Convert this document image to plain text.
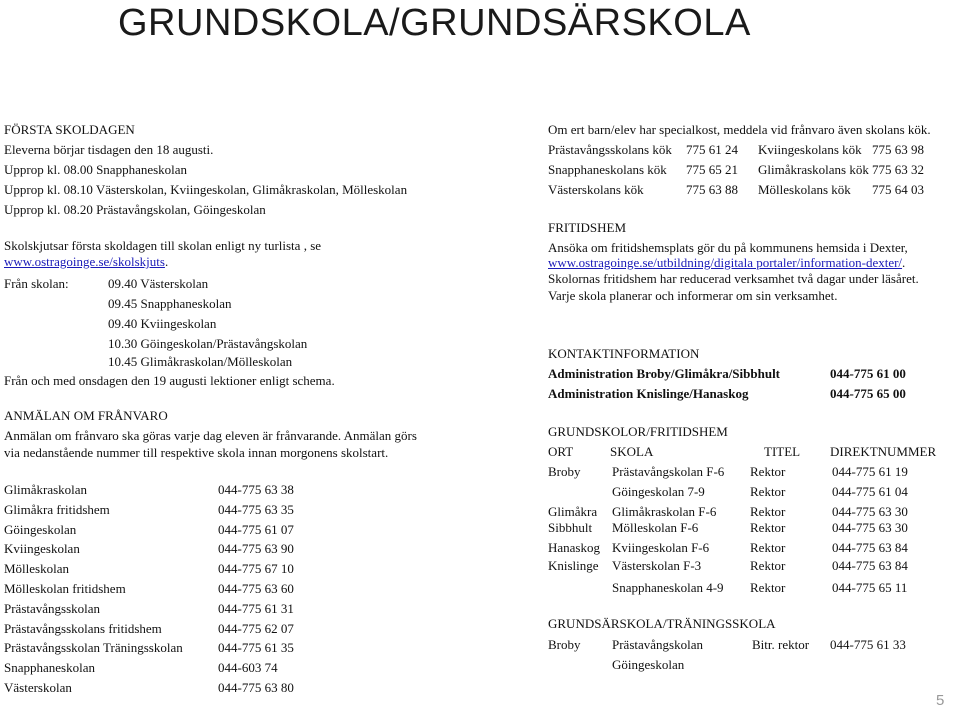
GRUNDSKOLA/GRUNDSÄRSKOLA
FÖRSTA SKOLDAGEN
Eleverna börjar tisdagen den 18 augusti.
Upprop kl. 08.00 Snapphaneskolan
Upprop kl. 08.10 Västerskolan, Kviingeskolan, Glimåkraskolan, Mölleskolan
Upprop kl. 08.20 Prästavångskolan, Göingeskolan
Skolskjutsar första skoldagen till skolan enligt ny turlista , se
www.ostragoinge.se/skolskjuts.
Från skolan:	09.40 Västerskolan
09.45 Snapphaneskolan
09.40 Kviingeskolan
10.30 Göingeskolan/Prästavångskolan
10.45 Glimåkraskolan/Mölleskolan
Från och med onsdagen den 19 augusti lektioner enligt schema.
ANMÄLAN OM FRÅNVARO
Anmälan om frånvaro ska göras varje dag eleven är frånvarande. Anmälan görs
via nedanstående nummer till respektive skola innan morgonens skolstart.
Glimåkraskolan	044-775 63 38
Glimåkra fritidshem	044-775 63 35
Göingeskolan	044-775 61 07
Kviingeskolan	044-775 63 90
Mölleskolan	044-775 67 10
Mölleskolan fritidshem	044-775 63 60
Prästavångsskolan	044-775 61 31
Prästavångsskolans fritidshem	044-775 62 07
Prästavångsskolan Träningsskolan	044-775 61 35
Snapphaneskolan	044-603 74
Västerskolan	044-775 63 80
Om ert barn/elev har specialkost, meddela vid frånvaro även skolans kök.
Prästavångsskolans kök 775 61 24 Kviingeskolans kök 775 63 98
Snapphaneskolans kök 775 65 21 Glimåkraskolans kök 775 63 32
Västerskolans kök	775 63 88 Mölleskolans kök 775 64 03
FRITIDSHEM
Ansöka om fritidshemsplats gör du på kommunens hemsida i Dexter,
www.ostragoinge.se/utbildning/digitala portaler/information-dexter/.
Skolornas fritidshem har reducerad verksamhet två dagar under läsåret.
Varje skola planerar och informerar om sin verksamhet.
KONTAKTINFORMATION
Administration Broby/Glimåkra/Sibbhult	044-775 61 00
Administration Knislinge/Hanaskog	044-775 65 00
GRUNDSKOLOR/FRITIDSHEM
ORT	SKOLA	TITEL DIREKTNUMMER
Broby Prästavångskolan F-6 Rektor	044-775 61 19
Göingeskolan 7-9	Rektor	044-775 61 04
Glimåkra Glimåkraskolan F-6	Rektor	044-775 63 30
Sibbhult Mölleskolan F-6	Rektor	044-775 63 30
Hanaskog Kviingeskolan F-6	Rektor	044-775 63 84
Knislinge Västerskolan F-3	Rektor	044-775 63 84
Snapphaneskolan 4-9 Rektor	044-775 65 11
GRUNDSÄRSKOLA/TRÄNINGSSKOLA
Broby Prästavångskolan	Bitr. rektor 044-775 61 33
Göingeskolan
5
